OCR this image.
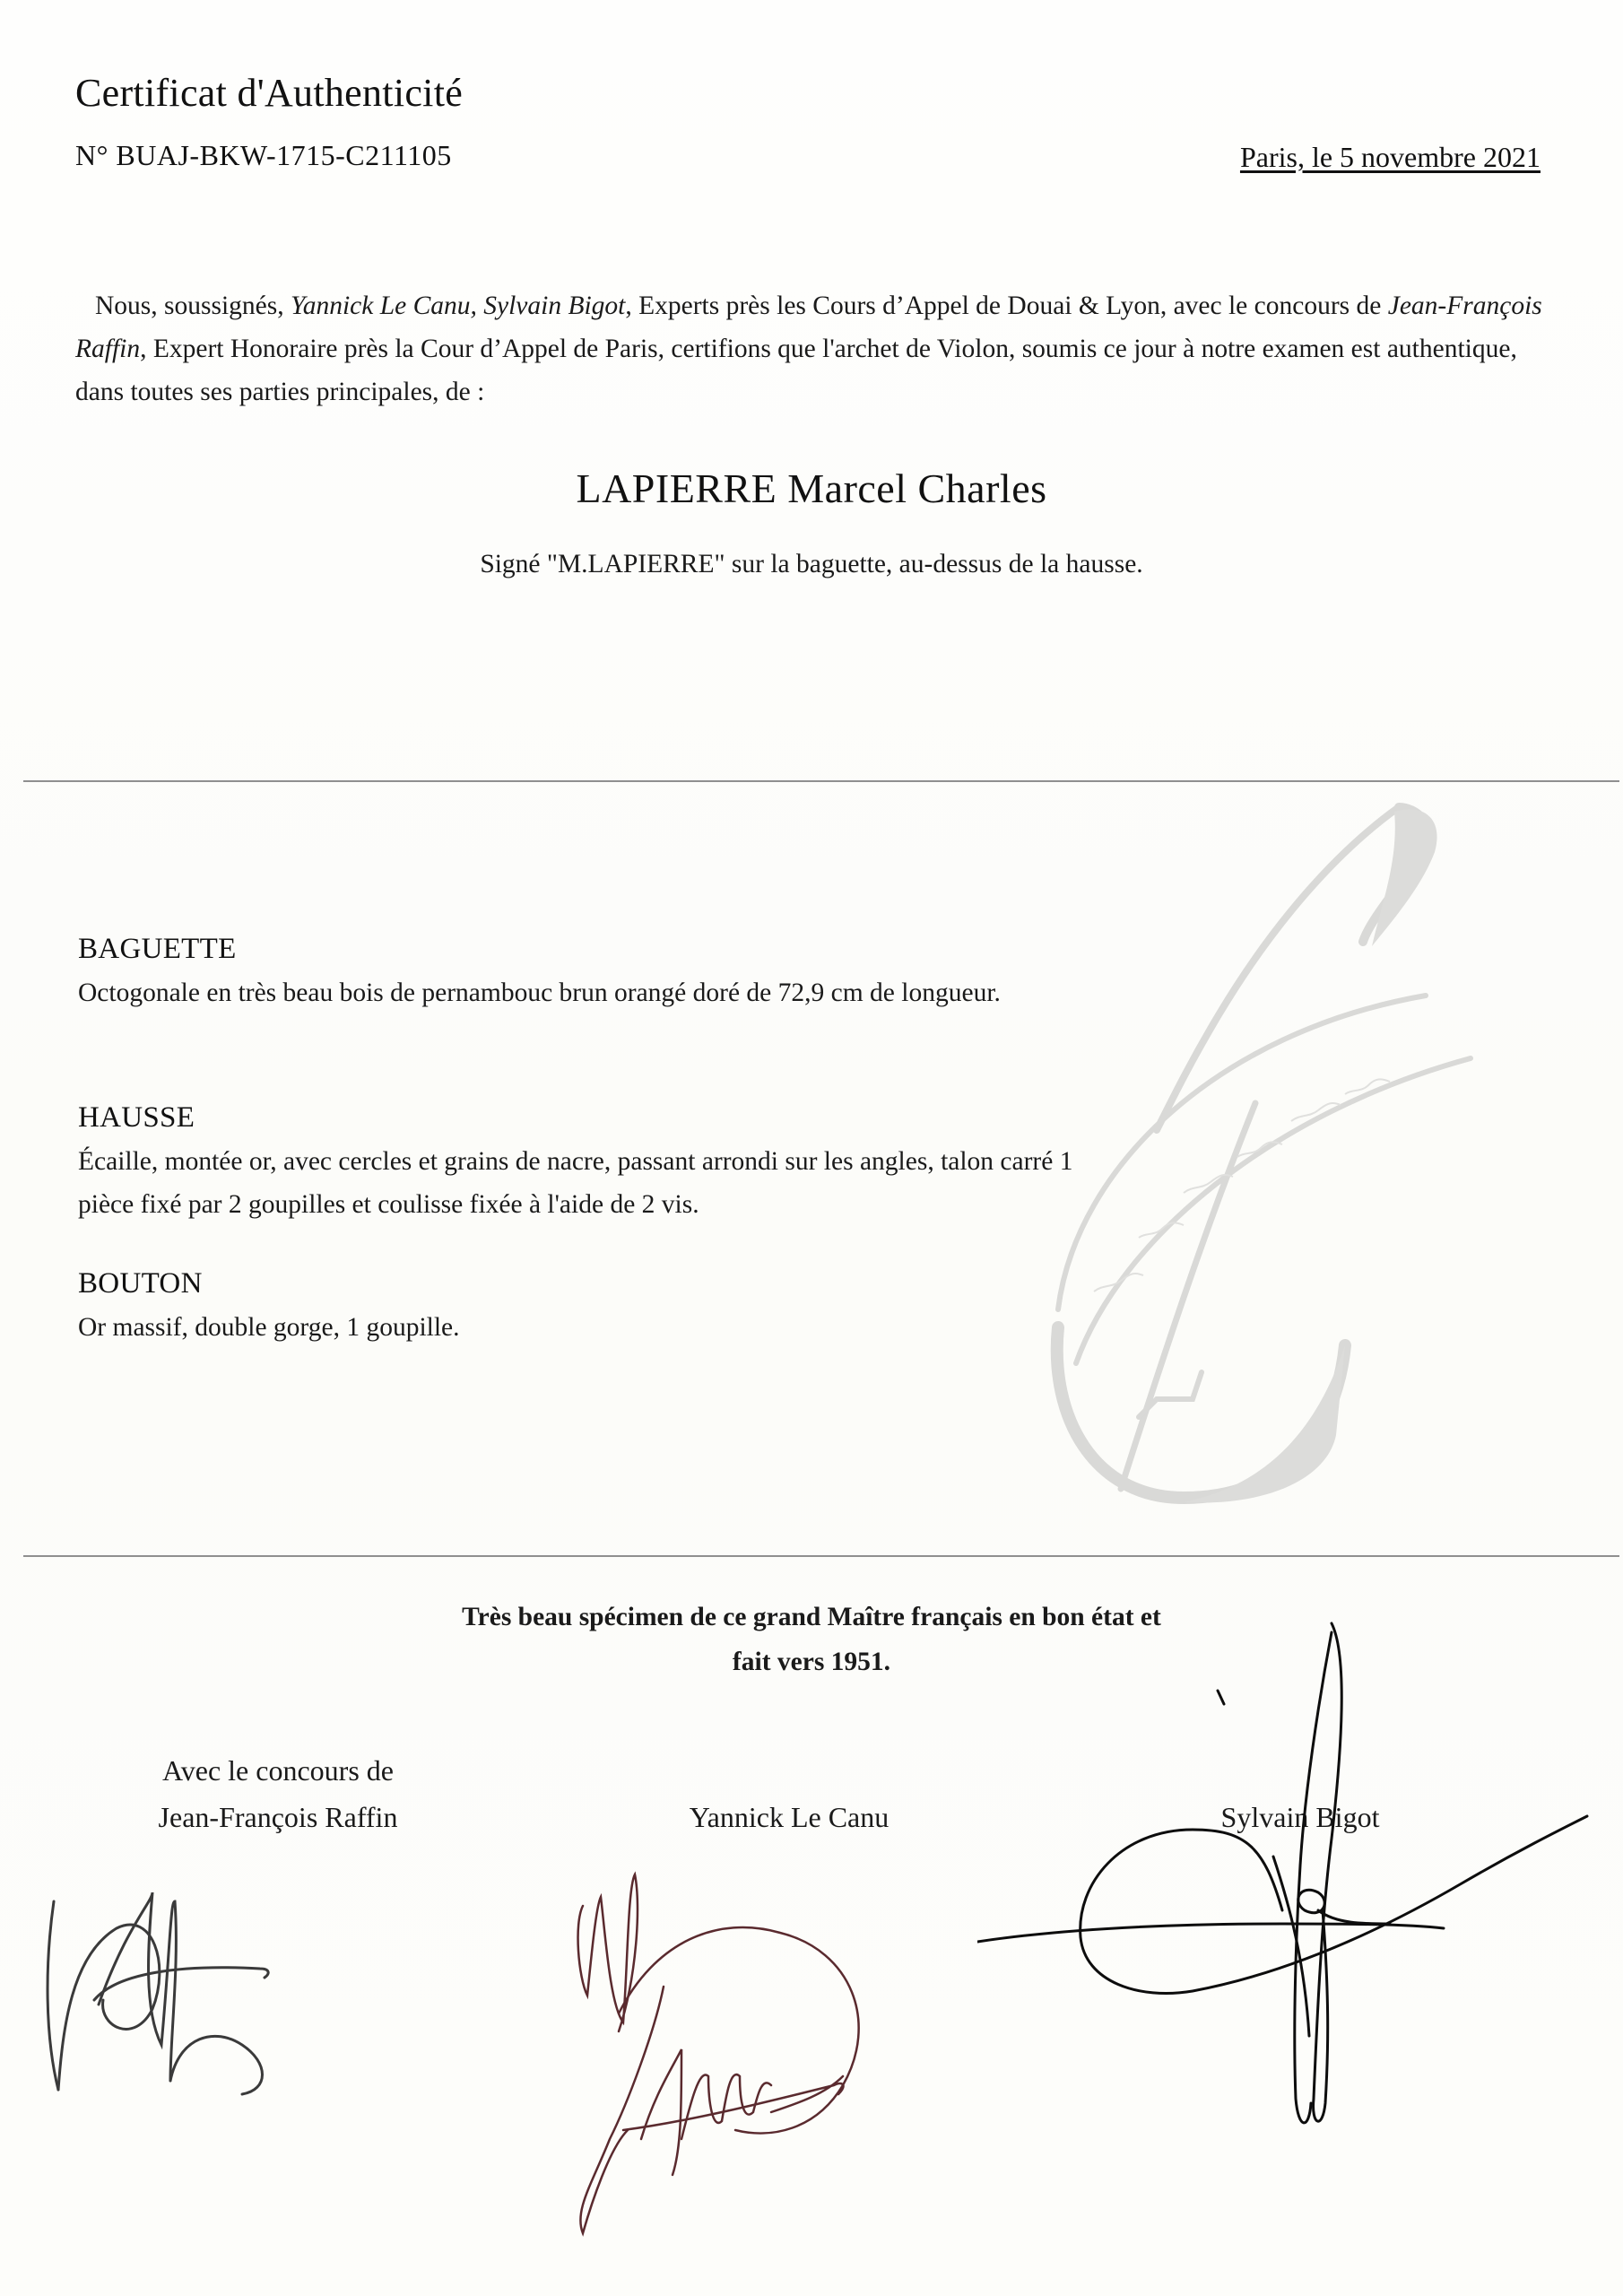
Certificat d'Authenticité
N° BUAJ-BKW-1715-C211105	Paris, le 5 novembre 2021
Nous, soussignés, Yannick Le Canu, Sylvain Bigot, Experts près les Cours d’Appel de Douai & Lyon, avec le concours de Jean-François Raffin, Expert Honoraire près la Cour d’Appel de Paris, certifions que l'archet de Violon, soumis ce jour à notre examen est authentique, dans toutes ses parties principales, de :
LAPIERRE Marcel Charles
Signé "M.LAPIERRE" sur la baguette, au-dessus de la hausse.
BAGUETTE
Octogonale en très beau bois de pernambouc brun orangé doré de 72,9 cm de longueur.
HAUSSE
Écaille, montée or, avec cercles et grains de nacre, passant arrondi sur les angles, talon carré 1 pièce fixé par 2 goupilles et coulisse fixée à l'aide de 2 vis.
BOUTON
Or massif, double gorge, 1 goupille.
Très beau spécimen de ce grand Maître français en bon état et
fait vers 1951.
Avec le concours de
Jean-François Raffin	Yannick Le Canu	Sylvain Bigot
